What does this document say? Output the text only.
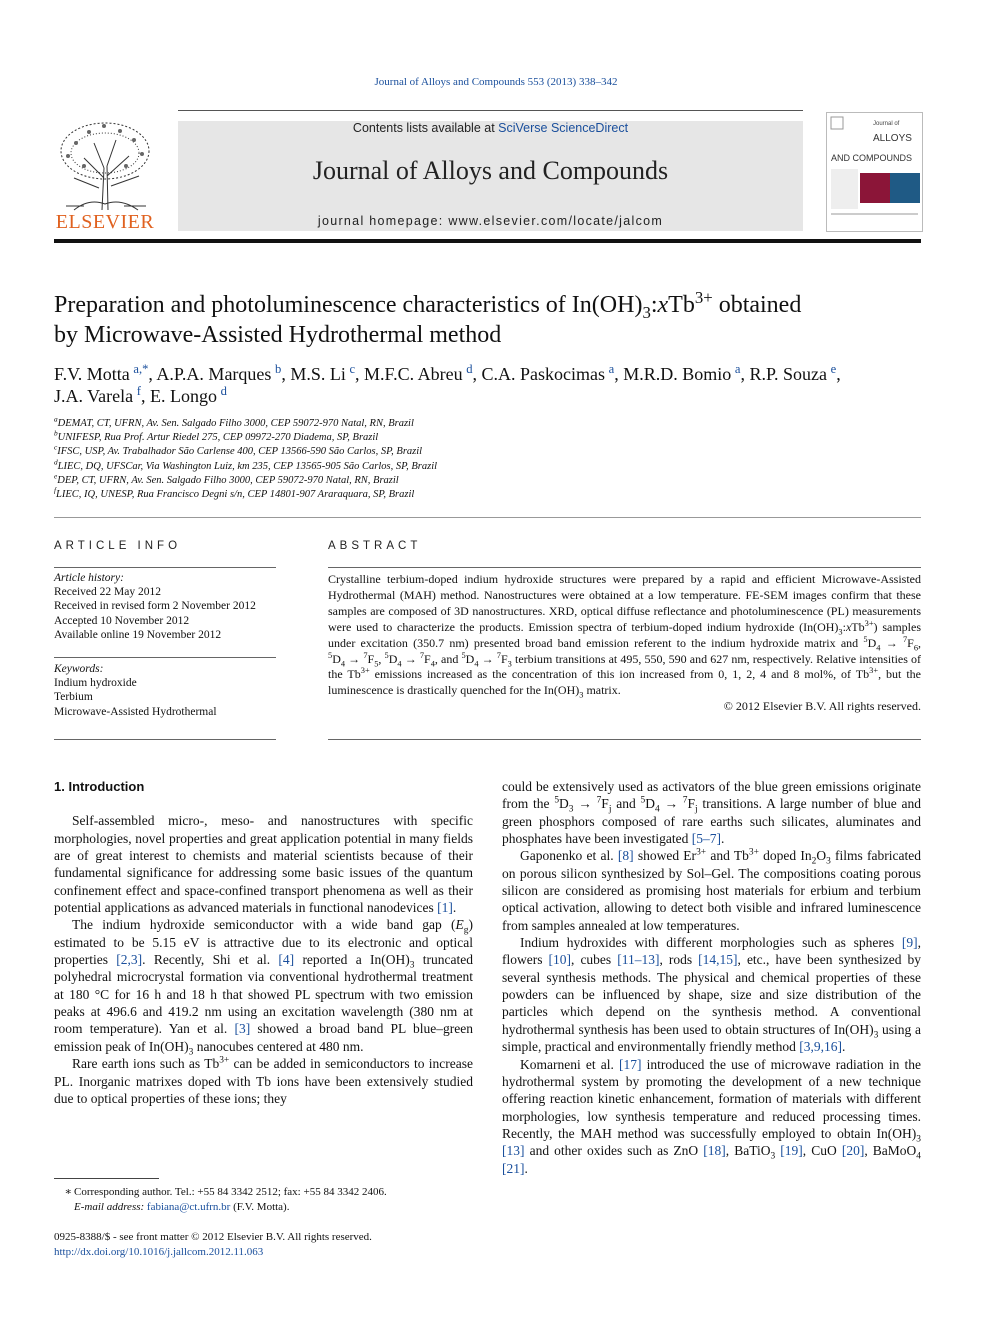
Journal of Alloys and Compounds 553 (2013) 338–342
ELSEVIER
Contents lists available at SciVerse ScienceDirect
Journal of Alloys and Compounds
journal homepage: www.elsevier.com/locate/jalcom
Journal of
ALLOYS
AND COMPOUNDS
Preparation and photoluminescence characteristics of $In(OH)_3:xTb^{3+}$ obtained
by Microwave-Assisted Hydrothermal method
F.V. Motta  $^{a,*}$, A.P.A. Marques  $^b$, M.S. Li  $^c$, M.F.C. Abreu  $^d$, C.A. Paskocimas  $^a$, M.R.D. Bomio  $^a$, R.P. Souza  $^e$,
J.A. Varela  $^f$, E. Longo  $^d$
$^a$DEMAT, CT, UFRN, Av. Sen. Salgado Filho 3000, CEP 59072-970 Natal, RN, Brazil
$^b$UNIFESP, Rua Prof. Artur Riedel 275, CEP 09972-270 Diadema, SP, Brazil
$^c$IFSC, USP, Av. Trabalhador São Carlense 400, CEP 13566-590 São Carlos, SP, Brazil
$^d$LIEC, DQ, UFSCar, Via Washington Luiz, km 235, CEP 13565-905 São Carlos, SP, Brazil
$^e$DEP, CT, UFRN, Av. Sen. Salgado Filho 3000, CEP 59072-970 Natal, RN, Brazil
$^f$LIEC, IQ, UNESP, Rua Francisco Degni s/n, CEP 14801-907 Araraquara, SP, Brazil
ARTICLE INFO
Article history:
Received 22 May 2012
Received in revised form 2 November 2012
Accepted 10 November 2012
Available online 19 November 2012
Keywords:
Indium hydroxide
Terbium
Microwave-Assisted Hydrothermal
ABSTRACT
Crystalline terbium-doped indium hydroxide structures were prepared by a rapid and efficient Microwave-Assisted Hydrothermal (MAH) method. Nanostructures were obtained at a low temperature. FE-SEM images confirm that these samples are composed of 3D nanostructures. XRD, optical diffuse reflectance and photoluminescence (PL) measurements were used to characterize the products. Emission spectra of terbium-doped indium hydroxide $(In(OH)_3:xTb^{3+})$ samples under excitation (350.7 nm) presented broad band emission referent to the indium hydroxide matrix and $^5D_4 \to ^7F_6$, $^5D_4 \to ^7F_5$, $^5D_4 \to ^7F_4$, and $^5D_4 \to ^7F_3$ terbium transitions at 495, 550, 590 and 627 nm, respectively. Relative intensities of the $Tb^{3+}$ emissions increased as the concentration of this ion increased from 0, 1, 2, 4 and 8 mol%, of $Tb^{3+}$, but the luminescence is drastically quenched for the $In(OH)_3$ matrix.
© 2012 Elsevier B.V. All rights reserved.
1. Introduction

Self-assembled micro-, meso- and nanostructures with specific morphologies, novel properties and great application potential in many fields are of great interest to chemists and material scientists because of their fundamental significance for addressing some basic issues of the quantum confinement effect and space-confined transport phenomena as well as their potential applications as advanced materials in functional nanodevices [1].

The indium hydroxide semiconductor with a wide band gap $(E_g)$ estimated to be 5.15 eV is attractive due to its electronic and optical properties [2,3]. Recently, Shi et al. [4] reported a $In(OH)_3$ truncated polyhedral microcrystal formation via conventional hydrothermal treatment at 180 °C for 16 h and 18 h that showed PL spectrum with two emission peaks at 496.6 and 419.2 nm using an excitation wavelength (380 nm at room temperature). Yan et al. [3] showed a broad band PL blue–green emission peak of $In(OH)_3$ nanocubes centered at 480 nm.

Rare earth ions such as $Tb^{3+}$ can be added in semiconductors to increase PL. Inorganic matrixes doped with Tb ions have been extensively studied due to optical properties of these ions; they

could be extensively used as activators of the blue green emissions originate from the $^5D_3 \to ^7F_j$ and $^5D_4 \to ^7F_j$ transitions. A large number of blue and green phosphors composed of rare earths such silicates, aluminates and phosphates have been investigated [5–7].

Gaponenko et al. [8] showed $Er^{3+}$ and $Tb^{3+}$ doped $In_2O_3$ films fabricated on porous silicon synthesized by Sol–Gel. The compositions coating porous silicon are considered as promising host materials for erbium and terbium optical activation, allowing to detect both visible and infrared luminescence from samples annealed at low temperatures.

Indium hydroxides with different morphologies such as spheres [9], flowers [10], cubes [11–13], rods [14,15], etc., have been synthesized by several synthesis methods. The physical and chemical properties of these powders can be influenced by shape, size and size distribution of the particles which depend on the synthesis method. A conventional hydrothermal synthesis has been used to obtain structures of $In(OH)_3$ using a simple, practical and environmentally friendly method [3,9,16].

Komarneni et al. [17] introduced the use of microwave radiation in the hydrothermal system by promoting the development of a new technique offering reaction kinetic enhancement, formation of materials with different morphologies, low synthesis temperature and reduced processing times. Recently, the MAH method was successfully employed to obtain $In(OH)_3$ [13] and other oxides such as ZnO [18], BaTiO$_3$ [19], CuO [20], BaMoO$_4$ [21].

∗ Corresponding author. Tel.: +55 84 3342 2512; fax: +55 84 3342 2406.
E-mail address: fabiana@ct.ufrn.br (F.V. Motta).
0925-8388/$ - see front matter © 2012 Elsevier B.V. All rights reserved.
http://dx.doi.org/10.1016/j.jallcom.2012.11.063
